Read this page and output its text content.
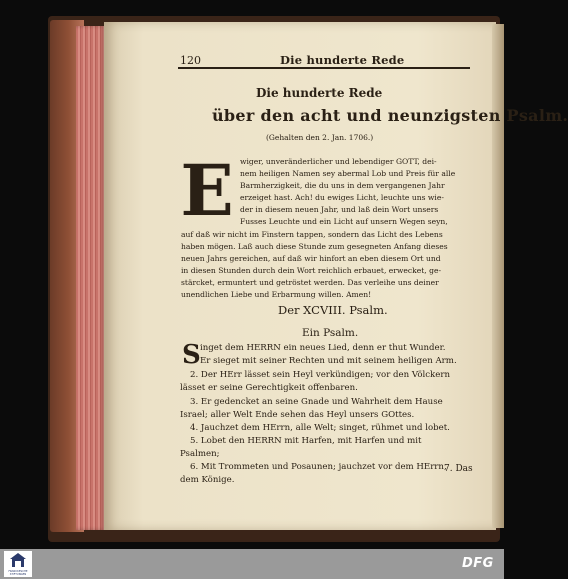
120	Die hunderte Rede
Die hunderte Rede
über den acht und neunzigsten Psalm.
(Gehalten den 2. Jan. 1706.)
E wiger, unveränderlicher und lebendiger GOTT, dei-
nem heiligen Namen sey abermal Lob und Preis für alle
Barmherzigkeit, die du uns in dem vergangenen Jahr
erzeiget hast. Ach! du ewiges Licht, leuchte uns wie-
der in diesem neuen Jahr, und laß dein Wort unsers
Fusses Leuchte und ein Licht auf unsern Wegen seyn,
auf daß wir nicht im Finstern tappen, sondern das Licht des Lebens
haben mögen. Laß auch diese Stunde zum gesegneten Anfang dieses
neuen Jahrs gereichen, auf daß wir hinfort an eben diesem Ort und
in diesen Stunden durch dein Wort reichlich erbauet, erwecket, ge-
stärcket, ermuntert und getröstet werden. Das verleihe uns deiner
unendlichen Liebe und Erbarmung willen. Amen!
Der XCVIII. Psalm.
Ein Psalm.
S inget dem HERRN ein neues Lied, denn er thut Wunder.
Er sieget mit seiner Rechten und mit seinem heiligen Arm.
2. Der HErr lässet sein Heyl verkündigen; vor den Völckern
lässet er seine Gerechtigkeit offenbaren.
3. Er gedencket an seine Gnade und Wahrheit dem Hause
Israel; aller Welt Ende sehen das Heyl unsers GOttes.
4. Jauchzet dem HErrn, alle Welt; singet, rühmet und lobet.
5. Lobet den HERRN mit Harfen, mit Harfen und mit
Psalmen;
6. Mit Trommeten und Posaunen; jauchzet vor dem HErrn,
dem Könige.
7. Das
FRANCKESCHE STIFTUNGEN
DFG
